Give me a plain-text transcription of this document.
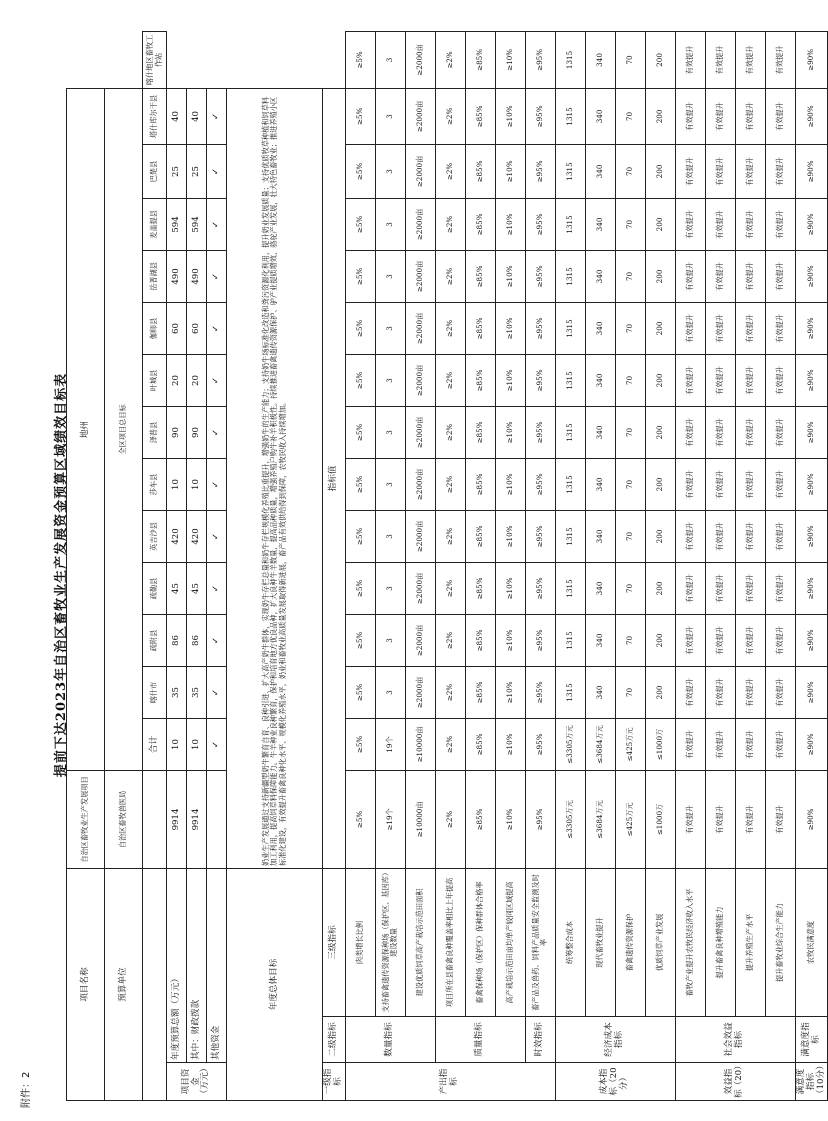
附件：2
提前下达2023年自治区畜牧业生产发展资金预算区域绩效目标表
项目名称			自治区畜牧业生产发展项目	地州													
预算单位			自治区畜牧兽医局	全区项目总目标													
				合计	喀什市	疏附县	疏勒县	英吉沙县	莎车县	泽普县	叶城县	伽师县	岳普湖县	麦盖提县	巴楚县	塔什库尔干县	喀什地区畜牧工作站
项目资金
（万元）	年度预算总额（万元）		9914	10	35	86	45	420	10	90	20	60	490	594	25	40	
	其中：财政拨款		9914	10	35	86	45	420	10	90	20	60	490	594	25	40	
	其他资金			✓	✓	✓	✓	✓	✓	✓	✓	✓	✓	✓	✓	✓	
年度总体目标			奶业生产发展通过支持新疆型奶牛繁育自育、良种引进、扩大高产奶牛群体，实现奶牛存栏总量和奶牛存栏规模化养殖比重提升，增强奶牛的生产能力；支持奶牛场标准化改造和粪污资源化利用，提升奶业发展质量；支持优质牧草种植和饲草料加工利用，提高饲草料保障能力。牛羊种业良种繁育，保护和培育地方优良品种，扩大良种牛羊数量，提高品种质量，增强养殖户购牛补羊积极性。持续推进畜禽遗传资源保护、驴产业提质增效、骆驼产业发展，壮大特色畜牧业；推进养殖小区标准化建设，有效提升畜禽良种化水平、规模化养殖水平，奶业和畜牧业高质量发展取得新进展，畜产品有效供给得到保障，农牧民收入持续增加。														
一级指标	二级指标	三级指标	指标值														
产出指标	数量指标	肉类增长比例	≥5%	≥5%	≥5%	≥5%	≥5%	≥5%	≥5%	≥5%	≥5%	≥5%	≥5%	≥5%	≥5%	≥5%	≥5%
		支持畜禽遗传资源保种场（保护区、基因库）建设数量	≥19个	19个	3	3	3	3	3	3	3	3	3	3	3	3	3
		建设优质饲草高产栽培示范田面积	≥10000亩	≥10000亩	≥2000亩	≥2000亩	≥2000亩	≥2000亩	≥2000亩	≥2000亩	≥2000亩	≥2000亩	≥2000亩	≥2000亩	≥2000亩	≥2000亩	≥2000亩
	质量指标	项目所在县畜禽良种覆盖率相比上年提高	≥2%	≥2%	≥2%	≥2%	≥2%	≥2%	≥2%	≥2%	≥2%	≥2%	≥2%	≥2%	≥2%	≥2%	≥2%
		畜禽保种场（保护区）保种群体合格率	≥85%	≥85%	≥85%	≥85%	≥85%	≥85%	≥85%	≥85%	≥85%	≥85%	≥85%	≥85%	≥85%	≥85%	≥85%
		高产栽培示范田亩均单产较同区域提高	≥10%	≥10%	≥10%	≥10%	≥10%	≥10%	≥10%	≥10%	≥10%	≥10%	≥10%	≥10%	≥10%	≥10%	≥10%
	时效指标	畜产品及兽药、饲料产品质量安全监测及时率	≥95%	≥95%	≥95%	≥95%	≥95%	≥95%	≥95%	≥95%	≥95%	≥95%	≥95%	≥95%	≥95%	≥95%	≥95%
成本指标（20分）	经济成本指标	统筹整合成本	≤3305万元	≤3305万元	1315	1315	1315	1315	1315	1315	1315	1315	1315	1315	1315	1315	1315
		现代畜牧业提升	≤3684万元	≤3684万元	340	340	340	340	340	340	340	340	340	340	340	340	340
		畜禽遗传资源保护	≤425万元	≤425万元	70	70	70	70	70	70	70	70	70	70	70	70	70
		优质饲草产业发展	≤1000万	≤1000万	200	200	200	200	200	200	200	200	200	200	200	200	200
效益指标（20）	社会效益指标	畜牧产业提升农牧民经济收入水平	有效提升	有效提升	有效提升	有效提升	有效提升	有效提升	有效提升	有效提升	有效提升	有效提升	有效提升	有效提升	有效提升	有效提升	有效提升
		提升畜禽良种增殖能力	有效提升	有效提升	有效提升	有效提升	有效提升	有效提升	有效提升	有效提升	有效提升	有效提升	有效提升	有效提升	有效提升	有效提升	有效提升
		提升养殖生产水平	有效提升	有效提升	有效提升	有效提升	有效提升	有效提升	有效提升	有效提升	有效提升	有效提升	有效提升	有效提升	有效提升	有效提升	有效提升
		提升畜牧业综合生产能力	有效提升	有效提升	有效提升	有效提升	有效提升	有效提升	有效提升	有效提升	有效提升	有效提升	有效提升	有效提升	有效提升	有效提升	有效提升
满意度指标（10分）	满意度指标	农牧民满意度	≥90%	≥90%	≥90%	≥90%	≥90%	≥90%	≥90%	≥90%	≥90%	≥90%	≥90%	≥90%	≥90%	≥90%	≥90%
